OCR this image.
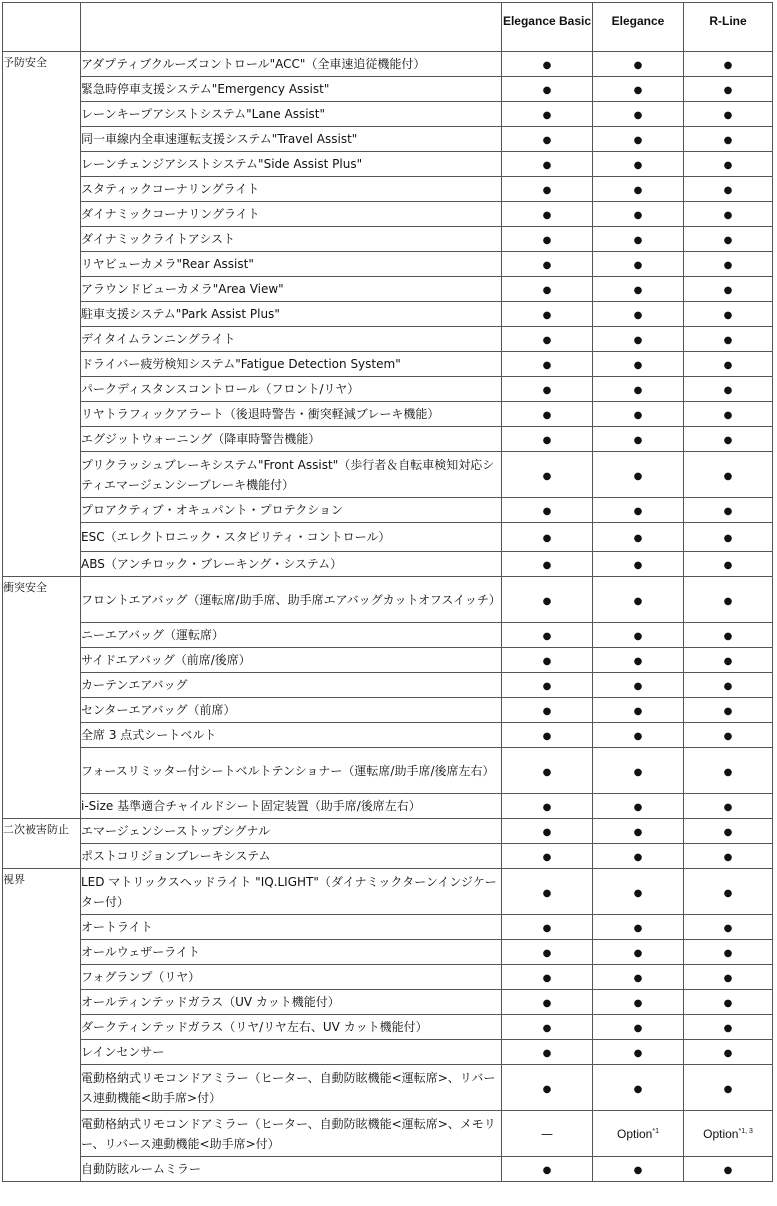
		Elegance Basic	Elegance	R-Line
予防安全	アダプティブクルーズコントロール"ACC"（全車速追従機能付）	●	●	●
	緊急時停車支援システム"Emergency Assist"	●	●	●
	レーンキープアシストシステム"Lane Assist"	●	●	●
	同一車線内全車速運転支援システム"Travel Assist"	●	●	●
	レーンチェンジアシストシステム"Side Assist Plus"	●	●	●
	スタティックコーナリングライト	●	●	●
	ダイナミックコーナリングライト	●	●	●
	ダイナミックライトアシスト	●	●	●
	リヤビューカメラ"Rear Assist"	●	●	●
	アラウンドビューカメラ"Area View"	●	●	●
	駐車支援システム"Park Assist Plus"	●	●	●
	デイタイムランニングライト	●	●	●
	ドライバー疲労検知システム"Fatigue Detection System"	●	●	●
	パークディスタンスコントロール（フロント/リヤ）	●	●	●
	リヤトラフィックアラート（後退時警告・衝突軽減ブレーキ機能）	●	●	●
	エグジットウォーニング（降車時警告機能）	●	●	●
	プリクラッシュブレーキシステム"Front Assist"（歩行者＆自転車検知対応シティエマージェンシーブレーキ機能付）	●	●	●
	プロアクティブ・オキュパント・プロテクション	●	●	●
	ESC（エレクトロニック・スタビリティ・コントロール）	●	●	●
	ABS（アンチロック・ブレーキング・システム）	●	●	●
衝突安全	フロントエアバッグ（運転席/助手席、助手席エアバッグカットオフスイッチ）	●	●	●
	ニーエアバッグ（運転席）	●	●	●
	サイドエアバッグ（前席/後席）	●	●	●
	カーテンエアバッグ	●	●	●
	センターエアバッグ（前席）	●	●	●
	全席 3 点式シートベルト	●	●	●
	フォースリミッター付シートベルトテンショナー（運転席/助手席/後席左右）	●	●	●
	i-Size 基準適合チャイルドシート固定装置（助手席/後席左右）	●	●	●
二次被害防止	エマージェンシーストップシグナル	●	●	●
	ポストコリジョンブレーキシステム	●	●	●
視界	LED マトリックスヘッドライト "IQ.LIGHT"（ダイナミックターンインジケーター付）	●	●	●
	オートライト	●	●	●
	オールウェザーライト	●	●	●
	フォグランプ（リヤ）	●	●	●
	オールティンテッドガラス（UV カット機能付）	●	●	●
	ダークティンテッドガラス（リヤ/リヤ左右、UV カット機能付）	●	●	●
	レインセンサー	●	●	●
	電動格納式リモコンドアミラー（ヒーター、自動防眩機能<運転席>、リバース連動機能<助手席>付）	●	●	●
	電動格納式リモコンドアミラー（ヒーター、自動防眩機能<運転席>、メモリー、リバース連動機能<助手席>付）	—	Option$^{*1}$	Option$^{*1, 3}$
	自動防眩ルームミラー	●	●	●
